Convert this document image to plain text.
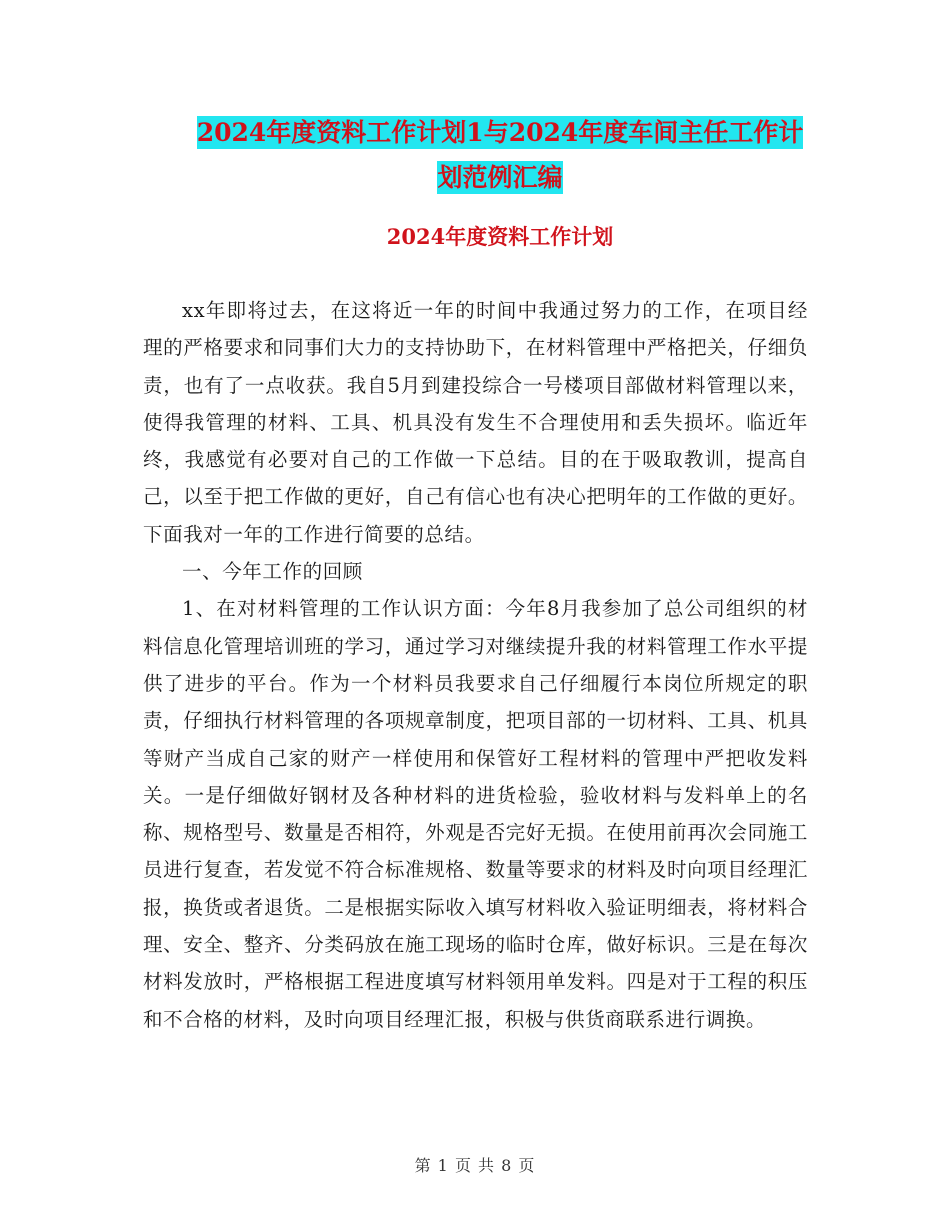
2024年度资料工作计划1与2024年度车间主任工作计
划范例汇编
2024年度资料工作计划

xx年即将过去，在这将近一年的时间中我通过努力的工作，在项目经理的严格要求和同事们大力的支持协助下，在材料管理中严格把关，仔细负责，也有了一点收获。我自5月到建投综合一号楼项目部做材料管理以来，使得我管理的材料、工具、机具没有发生不合理使用和丢失损坏。临近年终，我感觉有必要对自己的工作做一下总结。目的在于吸取教训，提高自己，以至于把工作做的更好，自己有信心也有决心把明年的工作做的更好。下面我对一年的工作进行简要的总结。

一、今年工作的回顾

1、在对材料管理的工作认识方面：今年8月我参加了总公司组织的材料信息化管理培训班的学习，通过学习对继续提升我的材料管理工作水平提供了进步的平台。作为一个材料员我要求自己仔细履行本岗位所规定的职责，仔细执行材料管理的各项规章制度，把项目部的一切材料、工具、机具等财产当成自己家的财产一样使用和保管好工程材料的管理中严把收发料关。一是仔细做好钢材及各种材料的进货检验，验收材料与发料单上的名称、规格型号、数量是否相符，外观是否完好无损。在使用前再次会同施工员进行复查，若发觉不符合标准规格、数量等要求的材料及时向项目经理汇报，换货或者退货。二是根据实际收入填写材料收入验证明细表，将材料合理、安全、整齐、分类码放在施工现场的临时仓库，做好标识。三是在每次材料发放时，严格根据工程进度填写材料领用单发料。四是对于工程的积压和不合格的材料，及时向项目经理汇报，积极与供货商联系进行调换。

第 1 页 共 8 页
